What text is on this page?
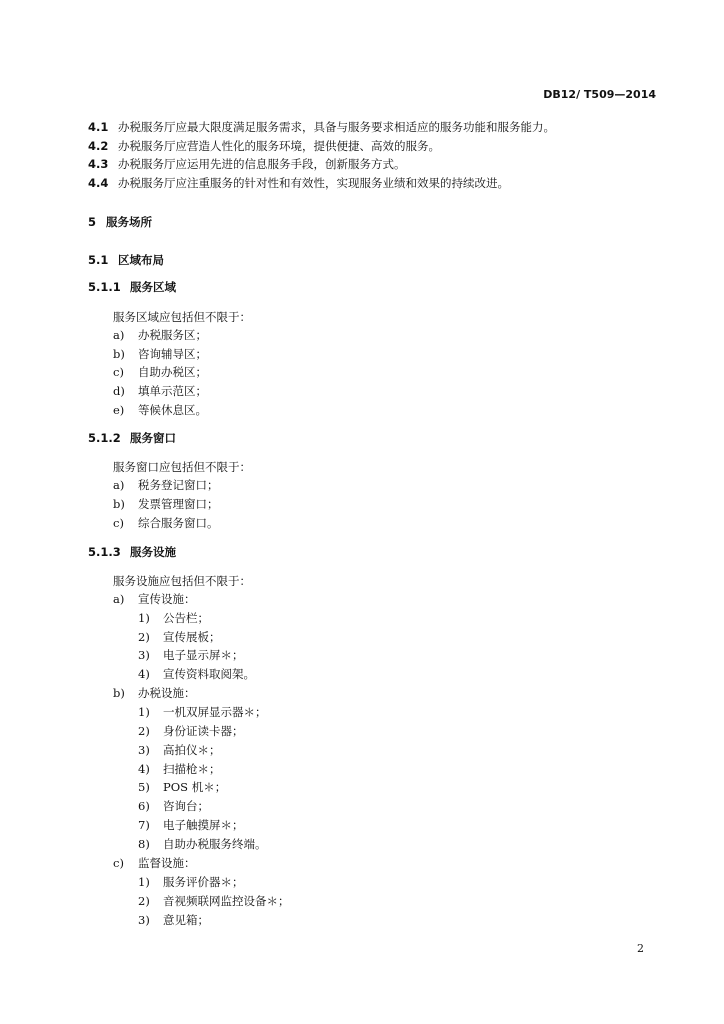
DB12/ T509—2014
4.1 办税服务厅应最大限度满足服务需求，具备与服务要求相适应的服务功能和服务能力。
4.2 办税服务厅应营造人性化的服务环境，提供便捷、高效的服务。
4.3 办税服务厅应运用先进的信息服务手段，创新服务方式。
4.4 办税服务厅应注重服务的针对性和有效性，实现服务业绩和效果的持续改进。
5 服务场所
5.1 区域布局
5.1.1 服务区域
服务区域应包括但不限于：
a) 办税服务区；
b) 咨询辅导区；
c) 自助办税区；
d) 填单示范区；
e) 等候休息区。
5.1.2 服务窗口
服务窗口应包括但不限于：
a) 税务登记窗口；
b) 发票管理窗口；
c) 综合服务窗口。
5.1.3 服务设施
服务设施应包括但不限于：
a) 宣传设施：
1) 公告栏；
2) 宣传展板；
3) 电子显示屏＊；
4) 宣传资料取阅架。
b) 办税设施：
1) 一机双屏显示器＊；
2) 身份证读卡器；
3) 高拍仪＊；
4) 扫描枪＊；
5) POS 机＊；
6) 咨询台；
7) 电子触摸屏＊；
8) 自助办税服务终端。
c) 监督设施：
1) 服务评价器＊；
2) 音视频联网监控设备＊；
3) 意见箱；
2
